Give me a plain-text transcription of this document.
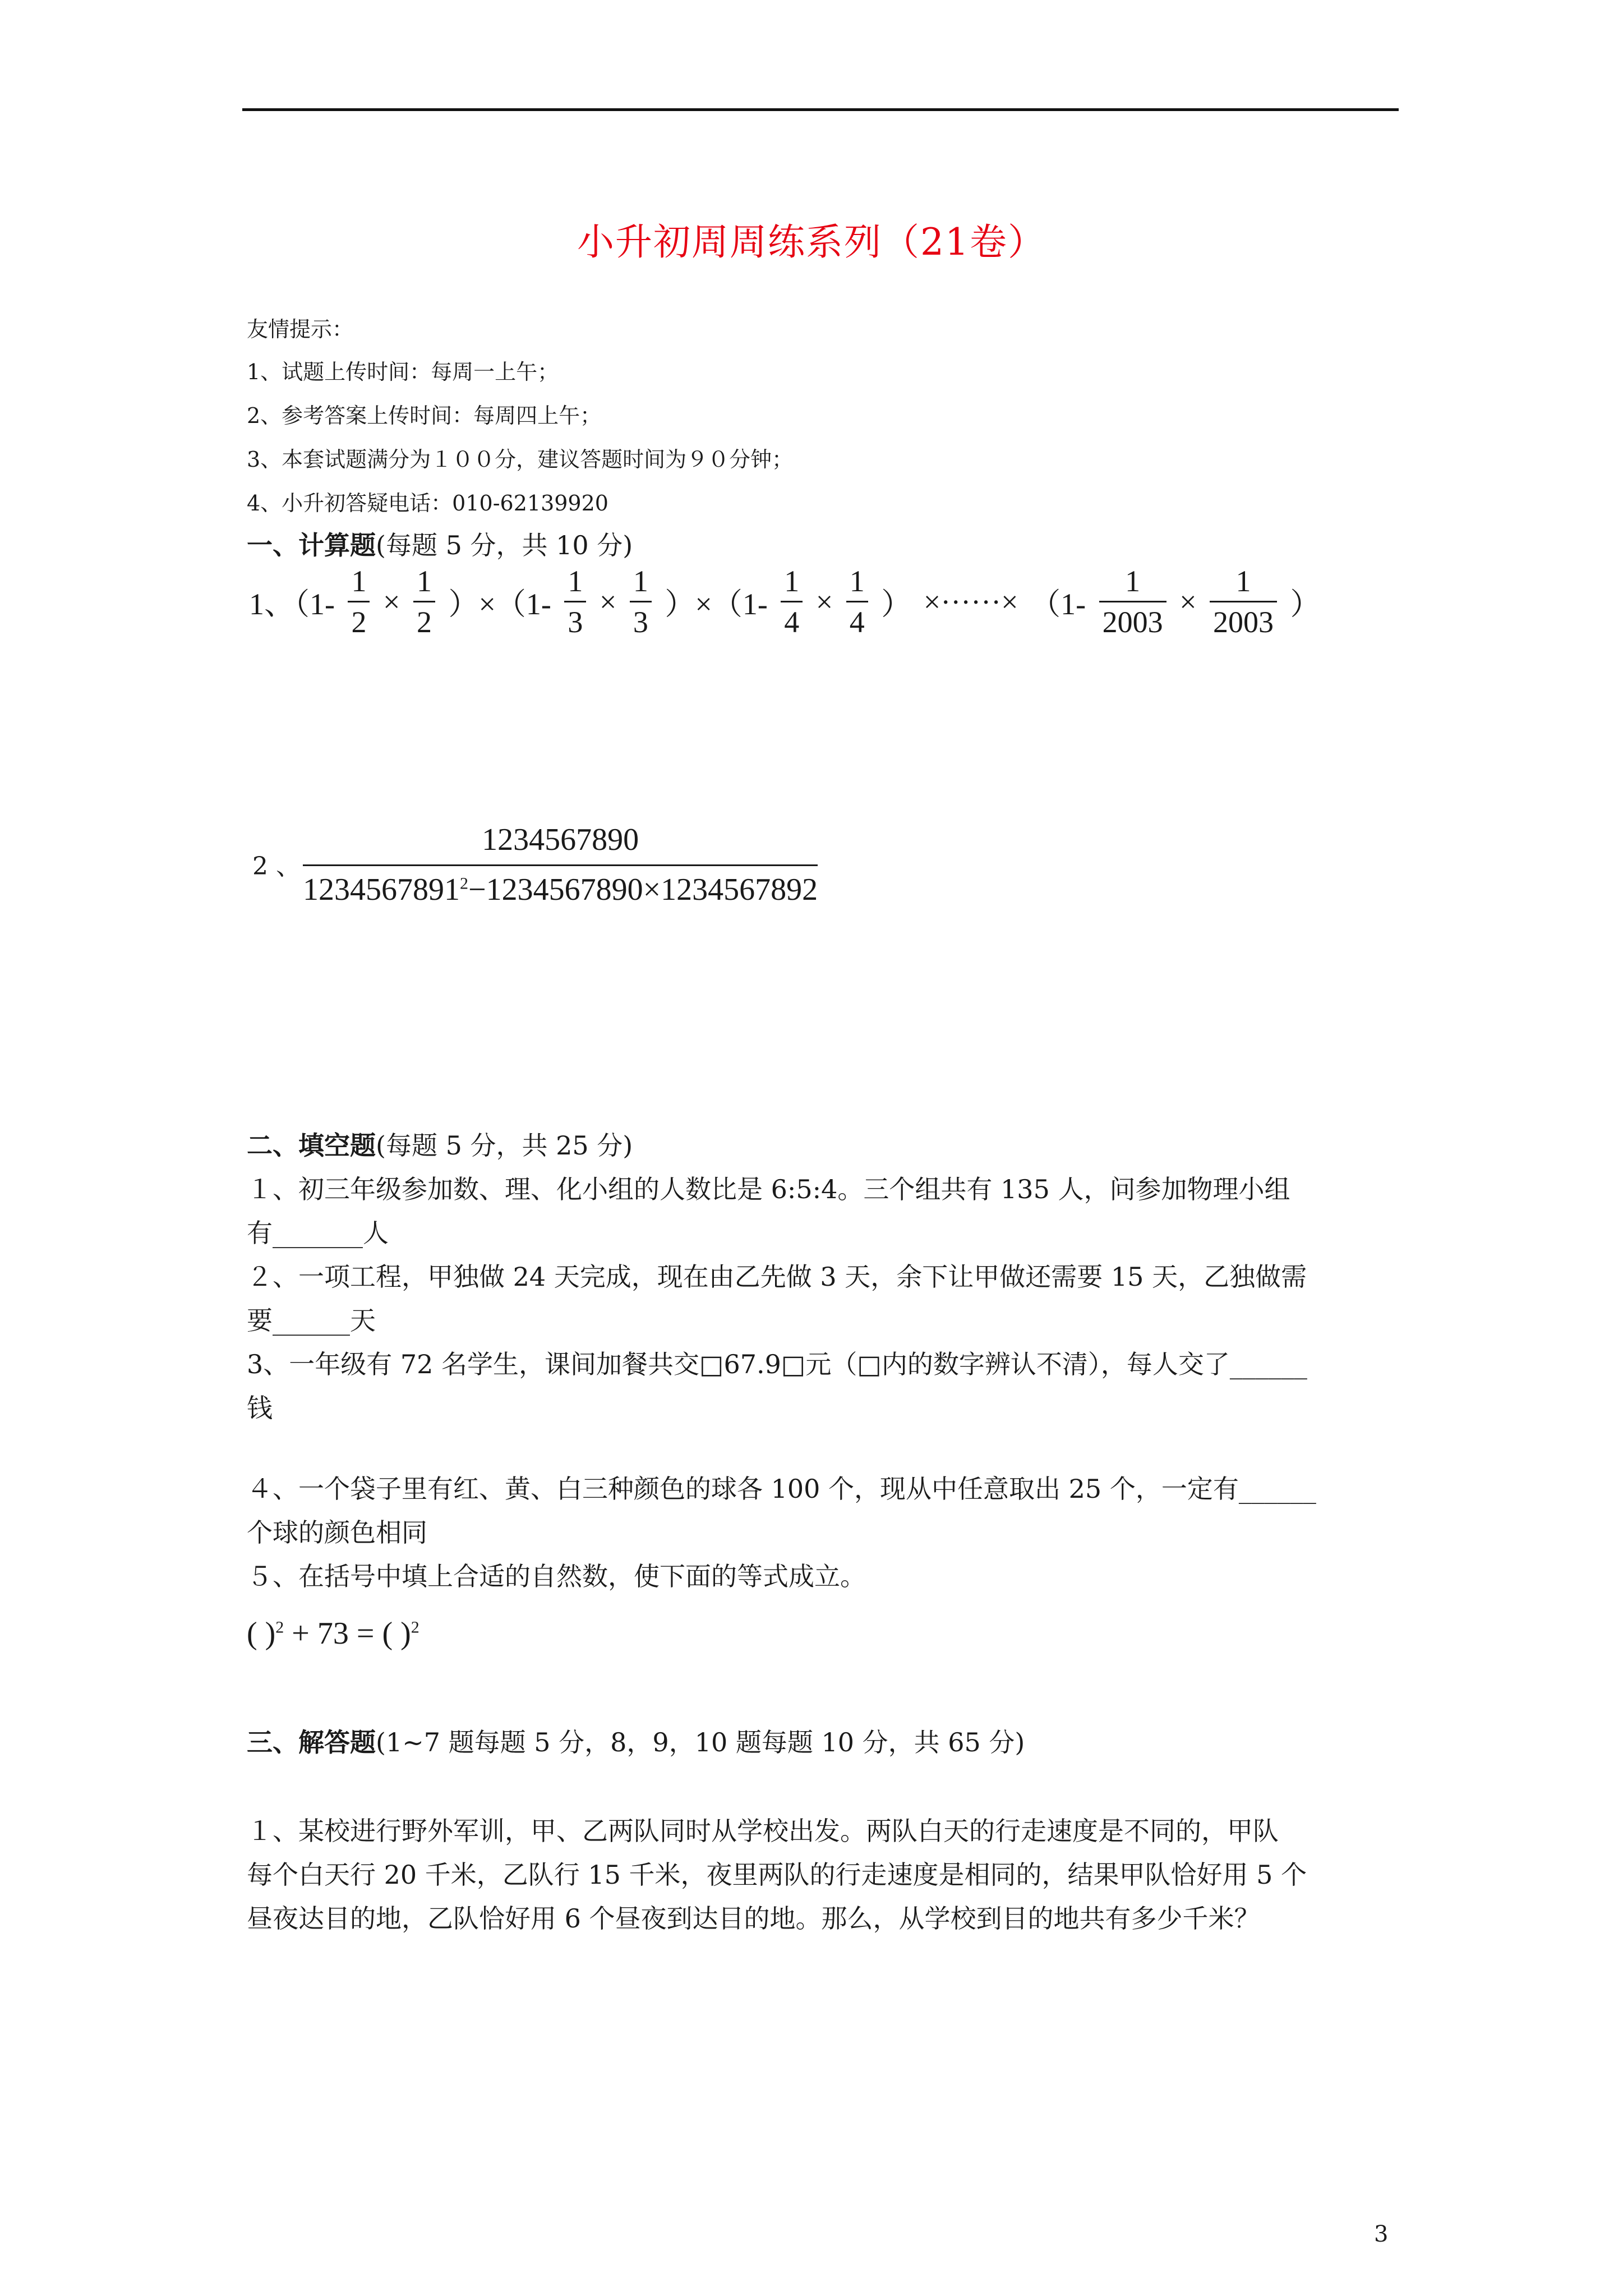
小升初周周练系列（21卷）
友情提示：
1、试题上传时间：每周一上午；
2、参考答案上传时间：每周四上午；
3、本套试题满分为１００分，建议答题时间为９０分钟；
4、小升初答疑电话：010-62139920
一、计算题(每题 5 分，共 10 分)
1、$(1- \frac{1}{2} \times \frac{1}{2} )\times(1- \frac{1}{3} \times \frac{1}{3} )\times(1- \frac{1}{4} \times \frac{1}{4}$ ） ×······× （$1- \frac{1}{2003} \times \frac{1}{2003}$ ）
2 、 $\frac{1234567890}{1234567891^2-1234567890\times 1234567892}$
二、填空题(每题 5 分，共 25 分)
１、初三年级参加数、理、化小组的人数比是 6:5:4。三个组共有 135 人，问参加物理小组
有_______人
２、一项工程，甲独做 24 天完成，现在由乙先做 3 天，余下让甲做还需要 15 天，乙独做需
要______天
3、一年级有 72 名学生，课间加餐共交□67.9□元（□内的数字辨认不清），每人交了______
钱
４、一个袋子里有红、黄、白三种颜色的球各 100 个，现从中任意取出 25 个，一定有______
个球的颜色相同
５、在括号中填上合适的自然数，使下面的等式成立。
( )$^2$ + 73 = ( )$^2$
三、解答题(1~7 题每题 5 分，8，9，10 题每题 10 分，共 65 分)
１、某校进行野外军训，甲、乙两队同时从学校出发。两队白天的行走速度是不同的，甲队
每个白天行 20 千米，乙队行 15 千米，夜里两队的行走速度是相同的，结果甲队恰好用 5 个
昼夜达目的地，乙队恰好用 6 个昼夜到达目的地。那么，从学校到目的地共有多少千米？
3
